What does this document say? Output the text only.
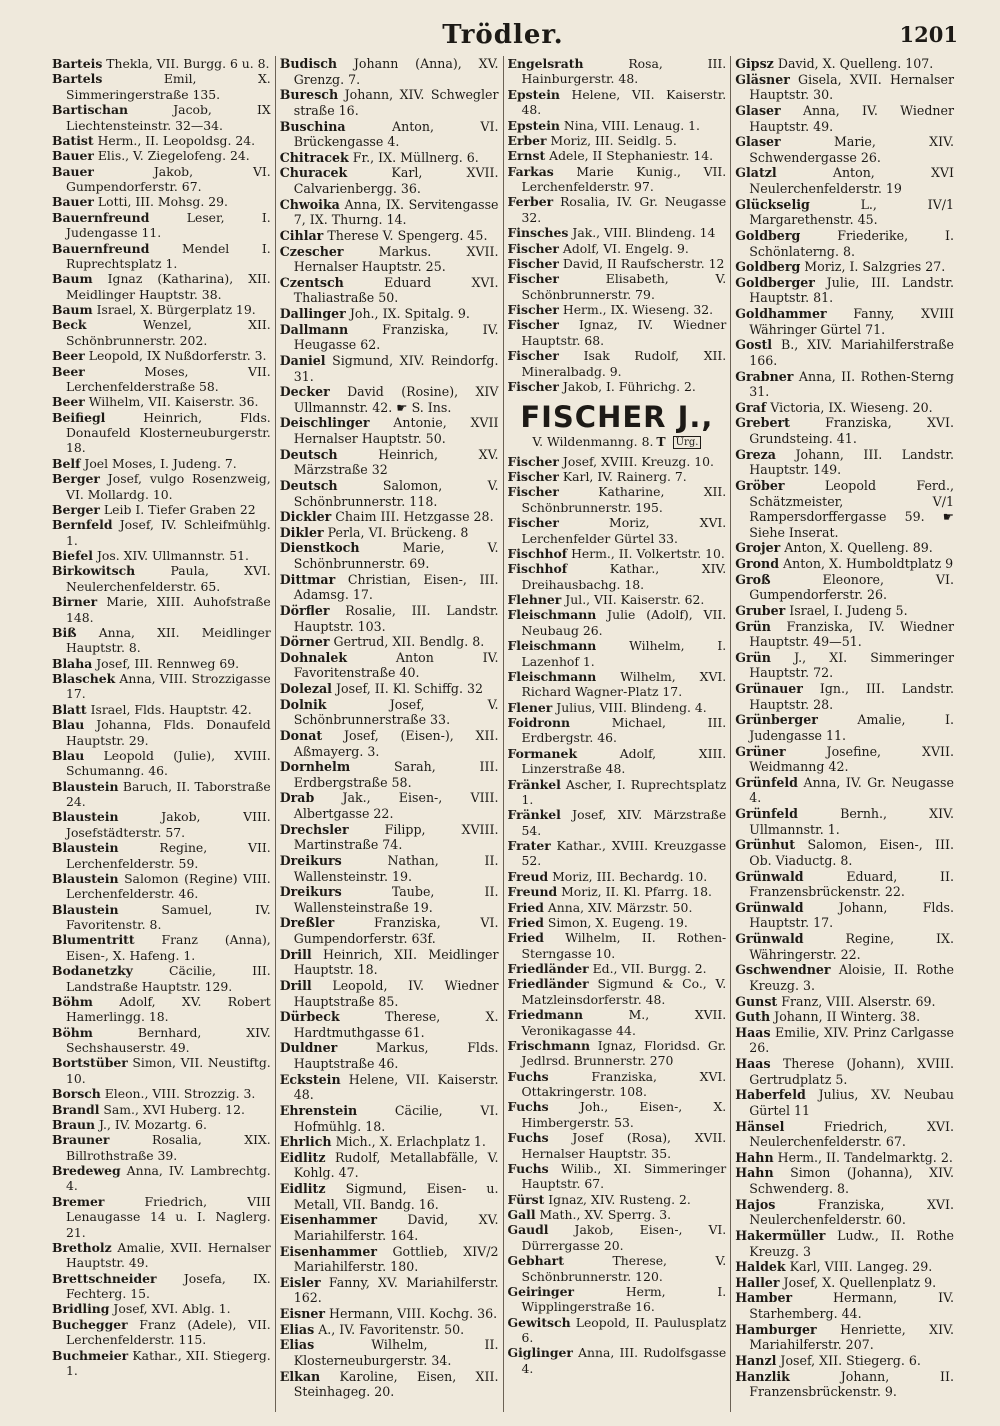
Trödler.	1201

Barteis Thekla, VII. Burgg. 6 u. 8.

Bartels	Emil, X. Simmeringerstraße 135.

Bartischan	Jacob, IX Liechtensteinstr. 32—34.

Batist Herm., II. Leopoldsg. 24.

Bauer Elis., V. Ziegelofeng. 24.

Bauer	Jakob, VI. Gumpendorferstr. 67.

Bauer Lotti, III. Mohsg. 29.

Bauernfreund	Leser, I. Judengasse 11.

Bauernfreund	Mendel I. Ruprechtsplatz 1.

Baum Ignaz (Katharina), XII. Meidlinger Hauptstr. 38.

Baum Israel, X. Bürgerplatz 19.

Beck	Wenzel, XII. Schönbrunnerstr. 202.

Beer Leopold, IX Nußdorferstr. 3.

Beer	Moses, VII. Lerchenfelderstraße 58.

Beer Wilhelm, VII. Kaiserstr. 36.

Beifiegl	Heinrich, Flds. Donaufeld Klosterneuburgerstr. 18.

Belf Joel Moses, I. Judeng. 7.

Berger Josef, vulgo Rosenzweig, VI. Mollardg. 10.

Berger Leib I. Tiefer Graben 22

Bernfeld Josef, IV. Schleifmühlg. 1.

Biefel Jos. XIV. Ullmannstr. 51.

Birkowitsch	Paula, XVI. Neulerchenfelderstr. 65.

Birner Marie, XIII. Auhofstraße 148.

Biß Anna, XII. Meidlinger Hauptstr. 8.

Blaha Josef, III. Rennweg 69.

Blaschek Anna, VIII. Strozzigasse 17.

Blatt Israel, Flds. Hauptstr. 42.

Blau Johanna, Flds. Donaufeld Hauptstr. 29.

Blau Leopold (Julie), XVIII. Schumanng. 46.

Blaustein Baruch, II. Taborstraße 24.

Blaustein	Jakob, VIII. Josefstädterstr. 57.

Blaustein	Regine, VII. Lerchenfelderstr. 59.

Blaustein Salomon (Regine) VIII. Lerchenfelderstr. 46.

Blaustein	Samuel, IV. Favoritenstr. 8.

Blumentritt Franz (Anna), Eisen-, X. Hafeng. 1.

Bodanetzky	Cäcilie, III. Landstraße Hauptstr. 129.

Böhm Adolf, XV. Robert Hamerlingg. 18.

Böhm	Bernhard, XIV. Sechshauserstr. 49.

Bortstüber Simon, VII. Neustiftg. 10.

Borsch Eleon., VIII. Strozzig. 3.

Brandl Sam., XVI Huberg. 12.

Braun J., IV. Mozartg. 6.

Brauner	Rosalia, XIX. Billrothstraße 39.

Bredeweg Anna, IV. Lambrechtg. 4.

Bremer	Friedrich, VIII Lenaugasse 14 u. I. Naglerg. 21.

Bretholz Amalie, XVII. Hernalser Hauptstr. 49.

Brettschneider Josefa, IX. Fechterg. 15.

Bridling Josef, XVI. Ablg. 1.

Buchegger Franz (Adele), VII. Lerchenfelderstr. 115.

Buchmeier Kathar., XII. Stiegerg. 1.

Budisch Johann (Anna), XV. Grenzg. 7.

Buresch Johann, XIV. Schwegler straße 16.

Buschina	Anton, VI. Brückengasse 4.

Chitracek Fr., IX. Müllnerg. 6.

Churacek	Karl, XVII. Calvarienbergg. 36.

Chwoika Anna, IX. Servitengasse 7, IX. Thurng. 14.

Cihlar Therese V. Spengerg. 45.

Czescher	Markus. XVII. Hernalser Hauptstr. 25.

Czentsch	Eduard XVI. Thaliastraße 50.

Dallinger Joh., IX. Spitalg. 9.

Dallmann	Franziska, IV. Heugasse 62.

Daniel Sigmund, XIV. Reindorfg. 31.

Decker David (Rosine), XIV Ullmannstr. 42. ☛ S. Ins.

Deischlinger Antonie, XVII Hernalser Hauptstr. 50.

Deutsch	Heinrich, XV. Märzstraße 32

Deutsch	Salomon, V. Schönbrunnerstr. 118.

Dickler Chaim III. Hetzgasse 28.

Dikler Perla, VI. Brückeng. 8

Dienstkoch	Marie, V. Schönbrunnerstr. 69.

Dittmar Christian, Eisen-, III. Adamsg. 17.

Dörfler Rosalie, III. Landstr. Hauptstr. 103.

Dörner Gertrud, XII. Bendlg. 8.

Dohnalek	Anton IV. Favoritenstraße 40.

Dolezal Josef, II. Kl. Schiffg. 32

Dolnik	Josef, V. Schönbrunnerstraße 33.

Donat Josef, (Eisen-), XII. Aßmayerg. 3.

Dornhelm	Sarah, III. Erdbergstraße 58.

Drab Jak., Eisen-, VIII. Albertgasse 22.

Drechsler	Filipp, XVIII. Martinstraße 74.

Dreikurs	Nathan, II. Wallensteinstr. 19.

Dreikurs	Taube, II. Wallensteinstraße 19.

Dreßler	Franziska, VI. Gumpendorferstr. 63f.

Drill Heinrich, XII. Meidlinger Hauptstr. 18.

Drill Leopold, IV. Wiedner Hauptstraße 85.

Dürbeck	Therese, X. Hardtmuthgasse 61.

Duldner	Markus, Flds. Hauptstraße 46.

Eckstein Helene, VII. Kaiserstr. 48.

Ehrenstein	Cäcilie, VI. Hofmühlg. 18.

Ehrlich Mich., X. Erlachplatz 1.

Eidlitz Rudolf, Metallabfälle, V. Kohlg. 47.

Eidlitz Sigmund, Eisen- u. Metall, VII. Bandg. 16.

Eisenhammer David, XV. Mariahilferstr. 164.

Eisenhammer Gottlieb, XIV/2 Mariahilferstr. 180.

Eisler Fanny, XV. Mariahilferstr. 162.

Eisner Hermann, VIII. Kochg. 36.

Elias A., IV. Favoritenstr. 50.

Elias	Wilhelm, II. Klosterneuburgerstr. 34.

Elkan Karoline, Eisen, XII. Steinhageg. 20.

Engelsrath	Rosa, III. Hainburgerstr. 48.

Epstein Helene, VII. Kaiserstr. 48.

Epstein Nina, VIII. Lenaug. 1.

Erber Moriz, III. Seidlg. 5.

Ernst Adele, II Stephaniestr. 14.

Farkas Marie Kunig., VII. Lerchenfelderstr. 97.

Ferber Rosalia, IV. Gr. Neugasse 32.

Finsches Jak., VIII. Blindeng. 14

Fischer Adolf, VI. Engelg. 9.

Fischer David, II Raufscherstr. 12

Fischer	Elisabeth, V. Schönbrunnerstr. 79.

Fischer Herm., IX. Wieseng. 32.

Fischer Ignaz, IV. Wiedner Hauptstr. 68.

Fischer Isak Rudolf, XII. Mineralbadg. 9.

Fischer Jakob, I. Führichg. 2.

FISCHER J.,
V. Wildenmanng. 8. T Urg.

Fischer Josef, XVIII. Kreuzg. 10.

Fischer Karl, IV. Rainerg. 7.

Fischer	Katharine, XII. Schönbrunnerstr. 195.

Fischer	Moriz, XVI. Lerchenfelder Gürtel 33.

Fischhof Herm., II. Volkertstr. 10.

Fischhof	Kathar., XIV. Dreihausbachg. 18.

Flehner Jul., VII. Kaiserstr. 62.

Fleischmann Julie (Adolf), VII. Neubaug 26.

Fleischmann	Wilhelm, I. Lazenhof 1.

Fleischmann Wilhelm, XVI. Richard Wagner-Platz 17.

Flener Julius, VIII. Blindeng. 4.

Foidronn	Michael, III. Erdbergstr. 46.

Formanek	Adolf, XIII. Linzerstraße 48.

Fränkel Ascher, I. Ruprechtsplatz 1.

Fränkel Josef, XIV. Märzstraße 54.

Frater Kathar., XVIII. Kreuzgasse 52.

Freud Moriz, III. Bechardg. 10.

Freund Moriz, II. Kl. Pfarrg. 18.

Fried Anna, XIV. Märzstr. 50.

Fried Simon, X. Eugeng. 19.

Fried Wilhelm, II. Rothen-Sterngasse 10.

Friedländer Ed., VII. Burgg. 2.

Friedländer Sigmund & Co., V. Matzleinsdorferstr. 48.

Friedmann	M., XVII. Veronikagasse 44.

Frischmann Ignaz, Floridsd. Gr. Jedlrsd. Brunnerstr. 270

Fuchs	Franziska, XVI. Ottakringerstr. 108.

Fuchs	Joh., Eisen-, X. Himbergerstr. 53.

Fuchs Josef (Rosa), XVII. Hernalser Hauptstr. 35.

Fuchs Wilib., XI. Simmeringer Hauptstr. 67.

Fürst Ignaz, XIV. Rusteng. 2.

Gall Math., XV. Sperrg. 3.

Gaudl Jakob, Eisen-, VI. Dürrergasse 20.

Gebhart	Therese, V. Schönbrunnerstr. 120.

Geiringer	Herm, I. Wipplingerstraße 16.

Gewitsch Leopold, II. Paulusplatz 6.

Giglinger Anna, III. Rudolfsgasse 4.

Gipsz David, X. Quelleng. 107.

Gläsner Gisela, XVII. Hernalser Hauptstr. 30.

Glaser Anna, IV. Wiedner Hauptstr. 49.

Glaser	Marie, XIV. Schwendergasse 26.

Glatzl	Anton, XVI Neulerchenfelderstr. 19

Glückselig	L., IV/1 Margarethenstr. 45.

Goldberg	Friederike, I. Schönlaterng. 8.

Goldberg Moriz, I. Salzgries 27.

Goldberger Julie, III. Landstr. Hauptstr. 81.

Goldhammer Fanny, XVIII Währinger Gürtel 71.

Gostl B., XIV. Mariahilferstraße 166.

Grabner Anna, II. Rothen-Sterng 31.

Graf Victoria, IX. Wieseng. 20.

Grebert	Franziska, XVI. Grundsteing. 41.

Greza Johann, III. Landstr. Hauptstr. 149.

Gröber	Leopold Ferd., Schätzmeister, V/1 Rampersdorffergasse 59. ☛ Siehe Inserat.

Grojer Anton, X. Quelleng. 89.

Grond Anton, X. Humboldtplatz 9

Groß	Eleonore, VI. Gumpendorferstr. 26.

Gruber Israel, I. Judeng 5.

Grün Franziska, IV. Wiedner Hauptstr. 49—51.

Grün J., XI. Simmeringer Hauptstr. 72.

Grünauer Ign., III. Landstr. Hauptstr. 28.

Grünberger	Amalie, I. Judengasse 11.

Grüner	Josefine, XVII. Weidmanng 42.

Grünfeld Anna, IV. Gr. Neugasse 4.

Grünfeld	Bernh., XIV. Ullmannstr. 1.

Grünhut Salomon, Eisen-, III. Ob. Viaductg. 8.

Grünwald	Eduard, II. Franzensbrückenstr. 22.

Grünwald	Johann, Flds. Hauptstr. 17.

Grünwald	Regine, IX. Währingerstr. 22.

Gschwendner Aloisie, II. Rothe Kreuzg. 3.

Gunst Franz, VIII. Alserstr. 69.

Guth Johann, II Winterg. 38.

Haas Emilie, XIV. Prinz Carlgasse 26.

Haas Therese (Johann), XVIII. Gertrudplatz 5.

Haberfeld Julius, XV. Neubau Gürtel 11

Hänsel	Friedrich, XVI. Neulerchenfelderstr. 67.

Hahn Herm., II. Tandelmarktg. 2.

Hahn Simon (Johanna), XIV. Schwenderg. 8.

Hajos	Franziska, XVI. Neulerchenfelderstr. 60.

Hakermüller Ludw., II. Rothe Kreuzg. 3

Haldek Karl, VIII. Langeg. 29.

Haller Josef, X. Quellenplatz 9.

Hamber	Hermann, IV. Starhemberg. 44.

Hamburger Henriette, XIV. Mariahilferstr. 207.

Hanzl Josef, XII. Stiegerg. 6.

Hanzlik	Johann, II. Franzensbrückenstr. 9.
